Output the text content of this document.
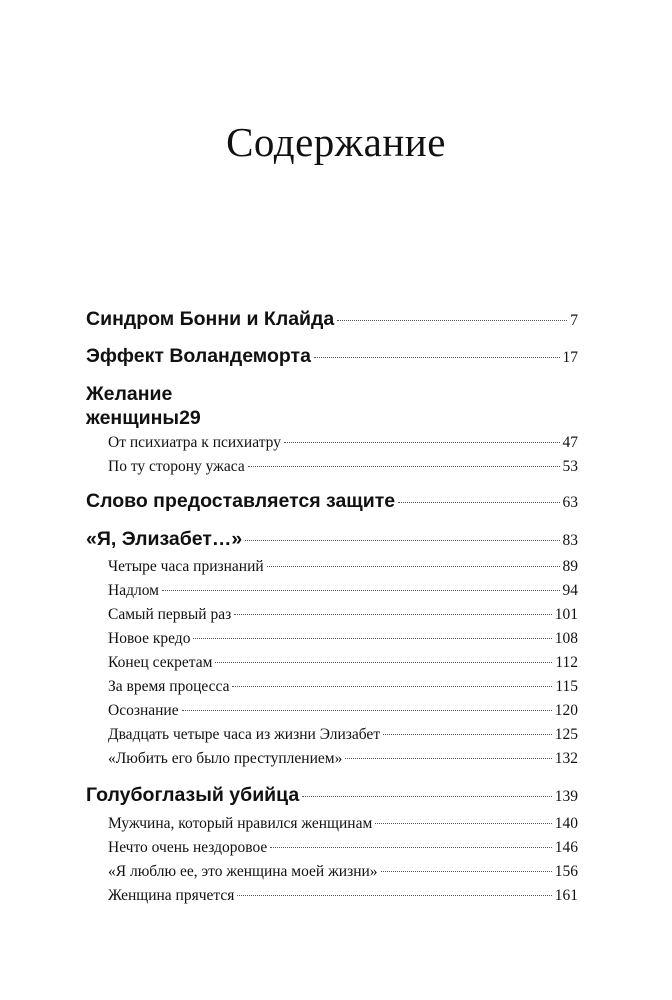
Содержание
Синдром Бонни и Клайда	7
Эффект Воландеморта	17
Желание
женщины 29
От психиатра к психиатру	47
По ту сторону ужаса	53
Слово предоставляется защите	63
«Я, Элизабет…»	83
Четыре часа признаний	89
Надлом	94
Самый первый раз	101
Новое кредо	108
Конец секретам	112
За время процесса	115
Осознание	120
Двадцать четыре часа из жизни Элизабет	125
«Любить его было преступлением»	132
Голубоглазый убийца	139
Мужчина, который нравился женщинам	140
Нечто очень нездоровое	146
«Я люблю ее, это женщина моей жизни»	156
Женщина прячется	161
